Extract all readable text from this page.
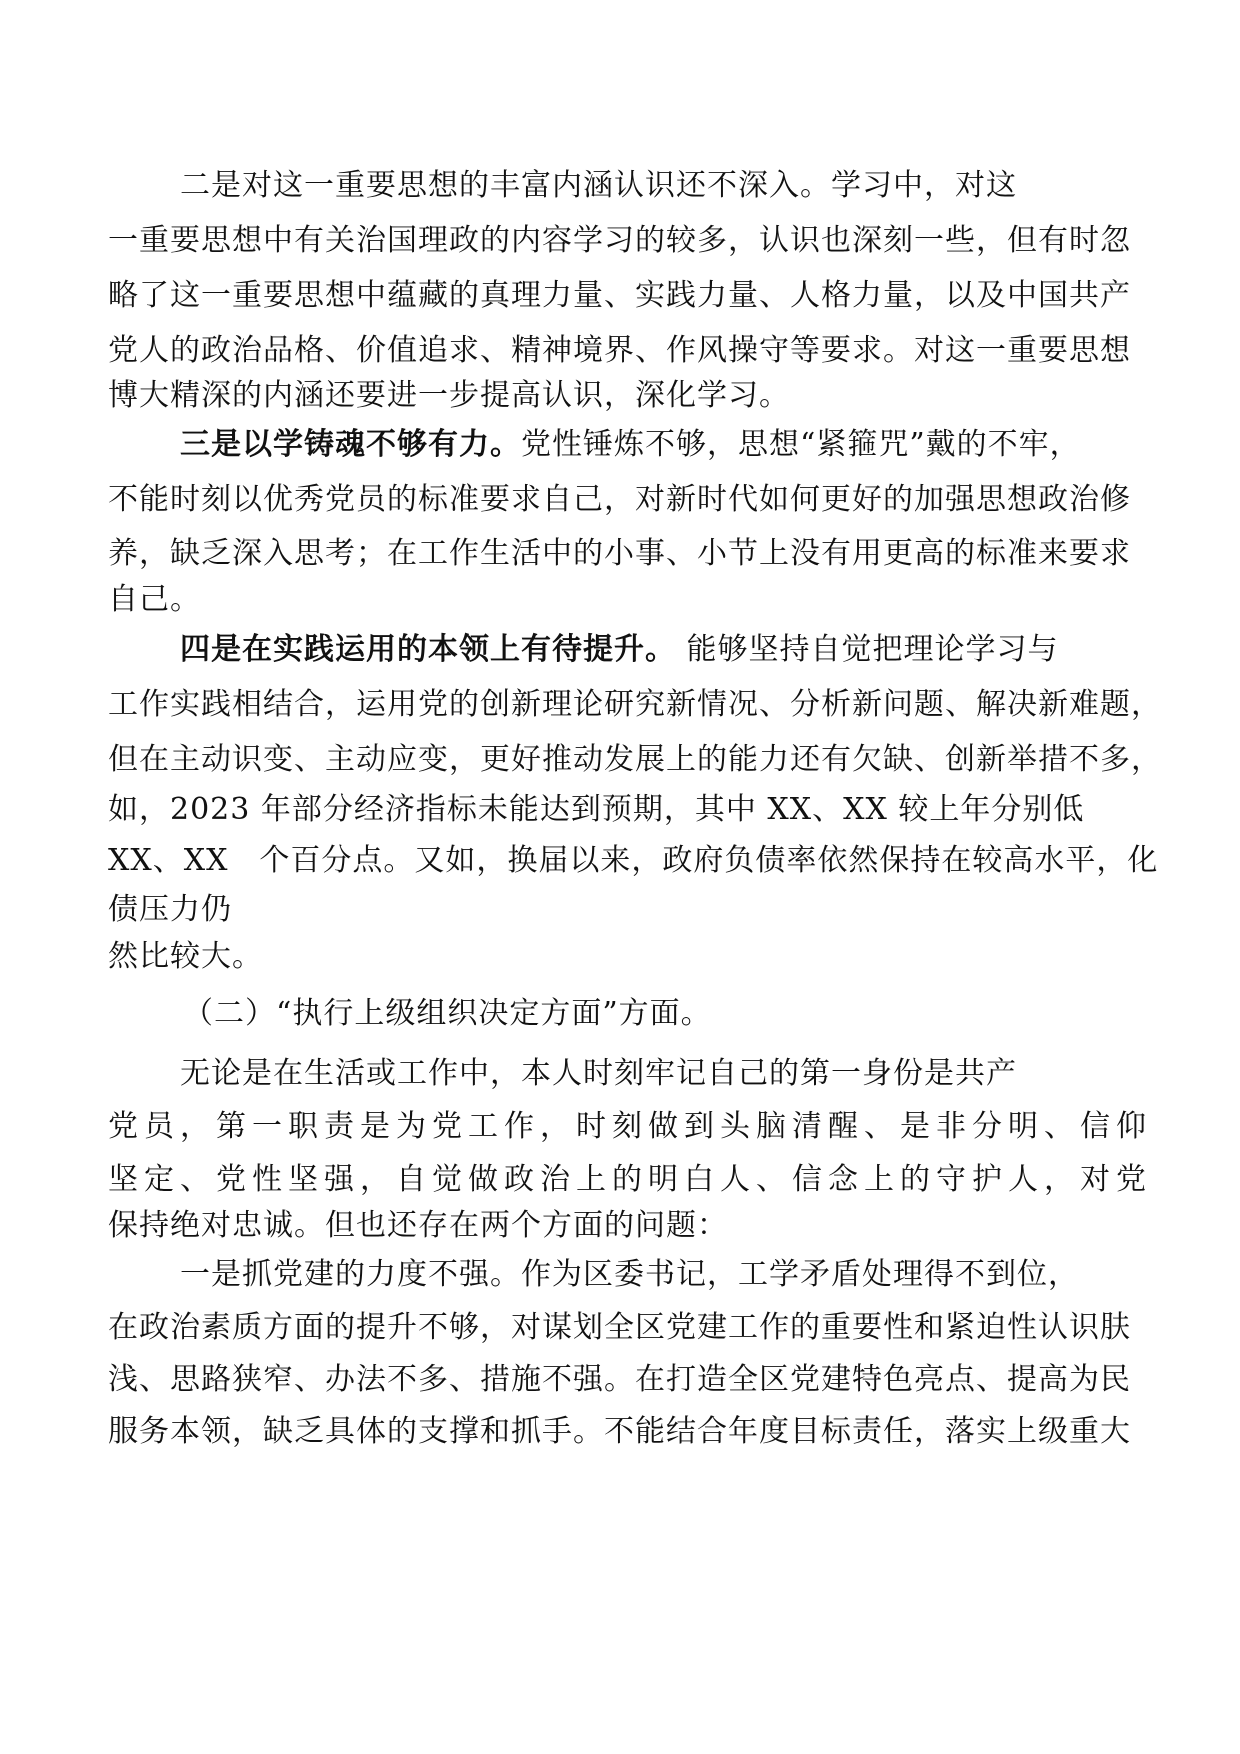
二是对这一重要思想的丰富内涵认识还不深入。学习中，对这
一重要思想中有关治国理政的内容学习的较多，认识也深刻一些，但有时忽
略了这一重要思想中蕴藏的真理力量、实践力量、人格力量，以及中国共产
党人的政治品格、价值追求、精神境界、作风操守等要求。对这一重要思想
博大精深的内涵还要进一步提高认识，深化学习。
三是以学铸魂不够有力。党性锤炼不够，思想“紧箍咒”戴的不牢，
不能时刻以优秀党员的标准要求自己，对新时代如何更好的加强思想政治修
养，缺乏深入思考；在工作生活中的小事、小节上没有用更高的标准来要求
自己。
四是在实践运用的本领上有待提升。 能够坚持自觉把理论学习与
工作实践相结合，运用党的创新理论研究新情况、分析新问题、解决新难题，
但在主动识变、主动应变，更好推动发展上的能力还有欠缺、创新举措不多，
如，2023 年部分经济指标未能达到预期，其中 XX、XX 较上年分别低
XX、XX　个百分点。又如，换届以来，政府负债率依然保持在较高水平，化
债压力仍
然比较大。
（二）“执行上级组织决定方面”方面。
无论是在生活或工作中，本人时刻牢记自己的第一身份是共产
党员，第一职责是为党工作，时刻做到头脑清醒、是非分明、信仰
坚定、党性坚强，自觉做政治上的明白人、信念上的守护人，对党
保持绝对忠诚。但也还存在两个方面的问题：
一是抓党建的力度不强。作为区委书记，工学矛盾处理得不到位，
在政治素质方面的提升不够，对谋划全区党建工作的重要性和紧迫性认识肤
浅、思路狭窄、办法不多、措施不强。在打造全区党建特色亮点、提高为民
服务本领，缺乏具体的支撑和抓手。不能结合年度目标责任，落实上级重大
